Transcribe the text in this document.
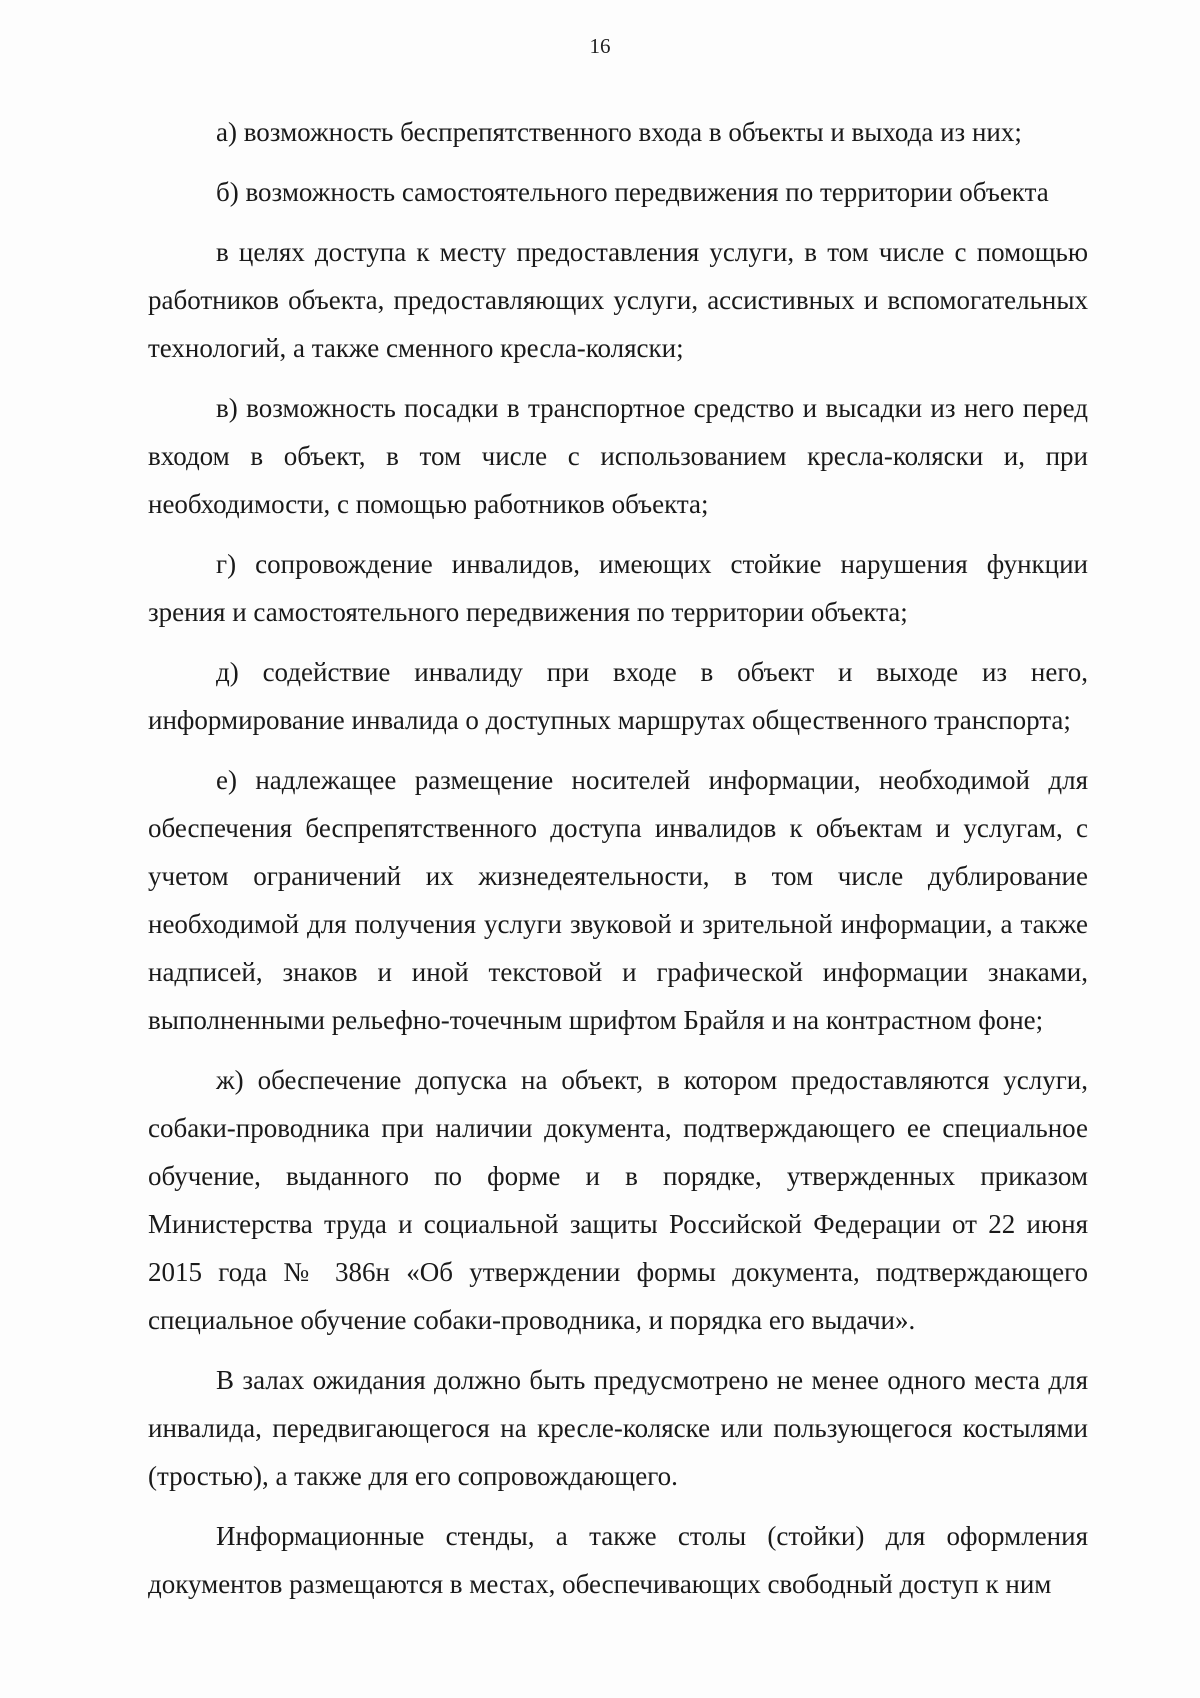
16

а) возможность беспрепятственного входа в объекты и выхода из них;

б) возможность самостоятельного передвижения по территории объекта

в целях доступа к месту предоставления услуги, в том числе с помощью работников объекта, предоставляющих услуги, ассистивных и вспомогательных технологий, а также сменного кресла-коляски;

в) возможность посадки в транспортное средство и высадки из него перед входом в объект, в том числе с использованием кресла-коляски и, при необходимости, с помощью работников объекта;

г) сопровождение инвалидов, имеющих стойкие нарушения функции зрения и самостоятельного передвижения по территории объекта;

д) содействие инвалиду при входе в объект и выходе из него, информирование инвалида о доступных маршрутах общественного транспорта;

е) надлежащее размещение носителей информации, необходимой для обеспечения беспрепятственного доступа инвалидов к объектам и услугам, с учетом ограничений их жизнедеятельности, в том числе дублирование необходимой для получения услуги звуковой и зрительной информации, а также надписей, знаков и иной текстовой и графической информации знаками, выполненными рельефно-точечным шрифтом Брайля и на контрастном фоне;

ж) обеспечение допуска на объект, в котором предоставляются услуги, собаки-проводника при наличии документа, подтверждающего ее специальное обучение, выданного по форме и в порядке, утвержденных приказом Министерства труда и социальной защиты Российской Федерации от 22 июня 2015 года № 386н «Об утверждении формы документа, подтверждающего специальное обучение собаки-проводника, и порядка его выдачи».

В залах ожидания должно быть предусмотрено не менее одного места для инвалида, передвигающегося на кресле-коляске или пользующегося костылями (тростью), а также для его сопровождающего.

Информационные стенды, а также столы (стойки) для оформления документов размещаются в местах, обеспечивающих свободный доступ к ним
